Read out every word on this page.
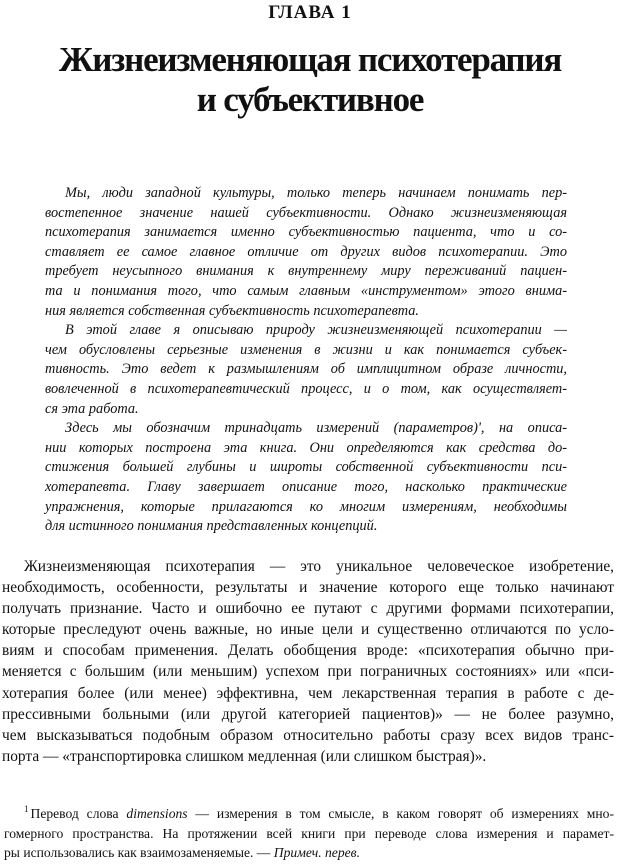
ГЛАВА 1
Жизнеизменяющая психотерапия
и субъективное
Мы, люди западной культуры, только теперь начинаем понимать пер-
востепенное значение нашей субъективности. Однако жизнеизменяющая
психотерапия занимается именно субъективностью пациента, что и со-
ставляет ее самое главное отличие от других видов психотерапии. Это
требует неусыпного внимания к внутреннему миру переживаний пациен-
та и понимания того, что самым главным «инструментом» этого внима-
ния является собственная субъективность психотерапевта.
В этой главе я описываю природу жизнеизменяющей психотерапии —
чем обусловлены серьезные изменения в жизни и как понимается субъек-
тивность. Это ведет к размышлениям об имплицитном образе личности,
вовлеченной в психотерапевтический процесс, и о том, как осуществляет-
ся эта работа.
Здесь мы обозначим тринадцать измерений (параметров)', на описа-
нии которых построена эта книга. Они определяются как средства до-
стижения большей глубины и широты собственной субъективности пси-
хотерапевта. Главу завершает описание того, насколько практические
упражнения, которые прилагаются ко многим измерениям, необходимы
для истинного понимания представленных концепций.
Жизнеизменяющая психотерапия — это уникальное человеческое изобретение,
необходимость, особенности, результаты и значение которого еще только начинают
получать признание. Часто и ошибочно ее путают с другими формами психотерапии,
которые преследуют очень важные, но иные цели и существенно отличаются по усло-
виям и способам применения. Делать обобщения вроде: «психотерапия обычно при-
меняется с большим (или меньшим) успехом при пограничных состояниях» или «пси-
хотерапия более (или менее) эффективна, чем лекарственная терапия в работе с де-
прессивными больными (или другой категорией пациентов)» — не более разумно,
чем высказываться подобным образом относительно работы сразу всех видов транс-
порта — «транспортировка слишком медленная (или слишком быстрая)».
$^1$ Перевод слова dimensions — измерения в том смысле, в каком говорят об измерениях мно-
гомерного пространства. На протяжении всей книги при переводе слова измерения и парамет-
ры использовались как взаимозаменяемые. — Примеч. перев.
